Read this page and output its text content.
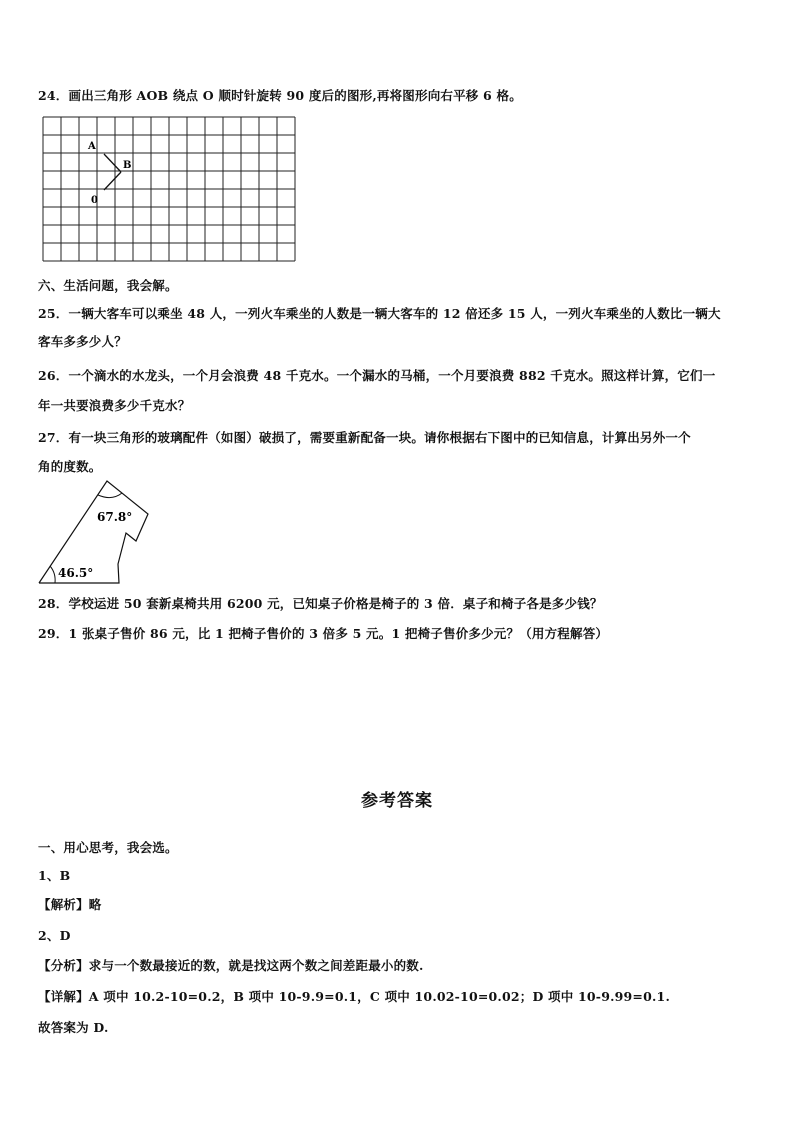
24．画出三角形 AOB 绕点 O 顺时针旋转 90 度后的图形,再将图形向右平移 6 格。
A
B
0
六、生活问题，我会解。
25．一辆大客车可以乘坐 48 人，一列火车乘坐的人数是一辆大客车的 12 倍还多 15 人，一列火车乘坐的人数比一辆大
客车多多少人？
26．一个滴水的水龙头，一个月会浪费 48 千克水。一个漏水的马桶，一个月要浪费 882 千克水。照这样计算，它们一
年一共要浪费多少千克水？
27．有一块三角形的玻璃配件（如图）破损了，需要重新配备一块。请你根据右下图中的已知信息，计算出另外一个
角的度数。
67.8°
46.5°
28．学校运进 50 套新桌椅共用 6200 元，已知桌子价格是椅子的 3 倍．桌子和椅子各是多少钱？
29．1 张桌子售价 86 元，比 1 把椅子售价的 3 倍多 5 元。1 把椅子售价多少元？（用方程解答）
参考答案
一、用心思考，我会选。
1、B
【解析】略
2、D
【分析】求与一个数最接近的数，就是找这两个数之间差距最小的数.
【详解】A 项中 10.2-10=0.2，B 项中 10-9.9=0.1，C 项中 10.02-10=0.02；D 项中 10-9.99=0.1.
故答案为 D.
